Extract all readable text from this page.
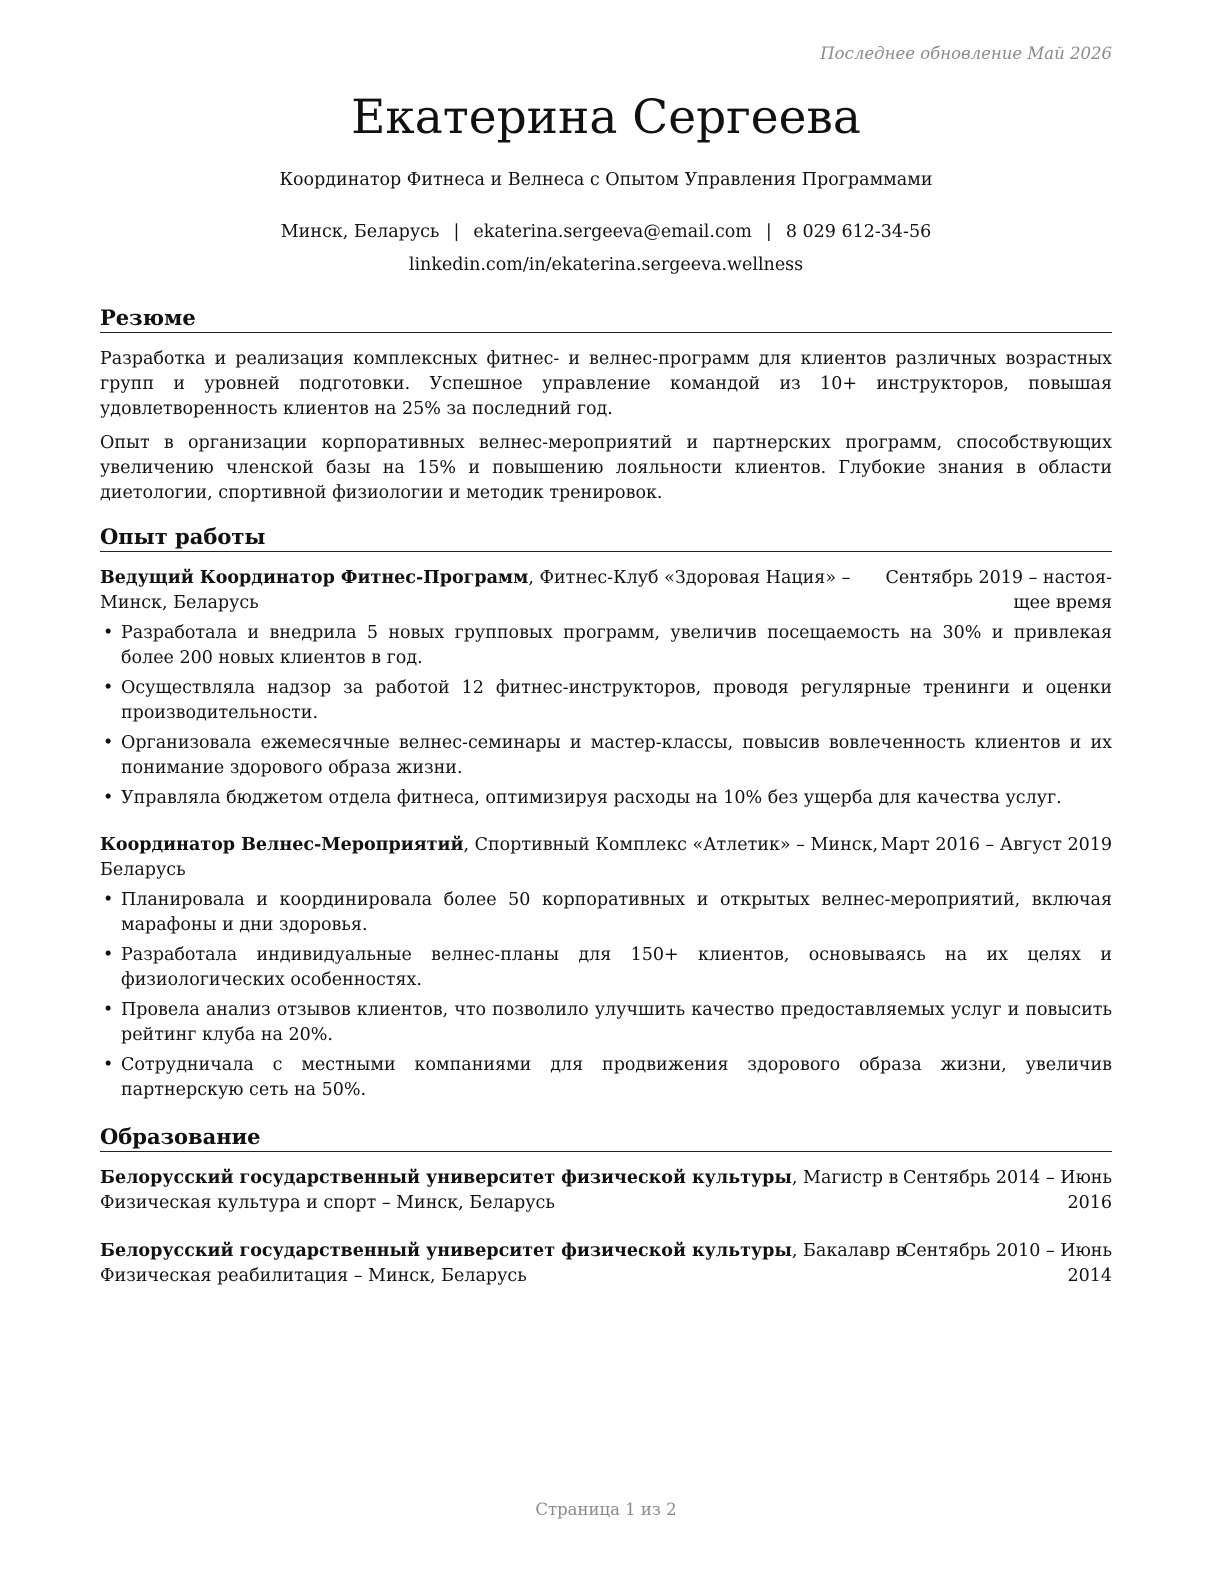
Последнее обновление Май 2026
Екатерина Сергеева
Координатор Фитнеса и Велнеса с Опытом Управления Программами
Минск, Беларусь | ekaterina.sergeeva@email.com | 8 029 612-34-56
linkedin.com/in/ekaterina.sergeeva.wellness
Резюме

Разработка и реализация комплексных фитнес- и велнес-программ для клиентов различных возрастных групп и уровней подготовки. Успешное управление командой из 10+ инструкторов, повышая удовлетворенность клиентов на 25% за последний год.

Опыт в организации корпоративных велнес-мероприятий и партнерских программ, способствующих увеличению членской базы на 15% и повышению лояльности клиентов. Глубокие знания в области диетологии, спортивной физиологии и методик тренировок.

Опыт работы
Ведущий Координатор Фитнес-Программ, Фитнес-Клуб «Здоровая Нация» –
Минск, Беларусь
Сентябрь 2019 – настоя-
щее время
• Разработала и внедрила 5 новых групповых программ, увеличив посещаемость на 30% и привлекая более 200 новых клиентов в год.
• Осуществляла надзор за работой 12 фитнес-инструкторов, проводя регулярные тренинги и оценки производительности.
• Организовала ежемесячные велнес-семинары и мастер-классы, повысив вовлеченность клиентов и их понимание здорового образа жизни.
• Управляла бюджетом отдела фитнеса, оптимизируя расходы на 10% без ущерба для качества услуг.
Координатор Велнес-Мероприятий, Спортивный Комплекс «Атлетик» – Минск,
Беларусь
Март 2016 – Август 2019
• Планировала и координировала более 50 корпоративных и открытых велнес-мероприятий, включая марафоны и дни здоровья.
• Разработала индивидуальные велнес-планы для 150+ клиентов, основываясь на их целях и физиологических особенностях.
• Провела анализ отзывов клиентов, что позволило улучшить качество предоставляемых услуг и повысить рейтинг клуба на 20%.
• Сотрудничала с местными компаниями для продвижения здорового образа жизни, увеличив партнерскую сеть на 50%.
Образование
Белорусский государственный университет физической культуры, Магистр в
Физическая культура и спорт – Минск, Беларусь
Сентябрь 2014 – Июнь
2016
Белорусский государственный университет физической культуры, Бакалавр в
Физическая реабилитация – Минск, Беларусь
Сентябрь 2010 – Июнь
2014
Страница 1 из 2
